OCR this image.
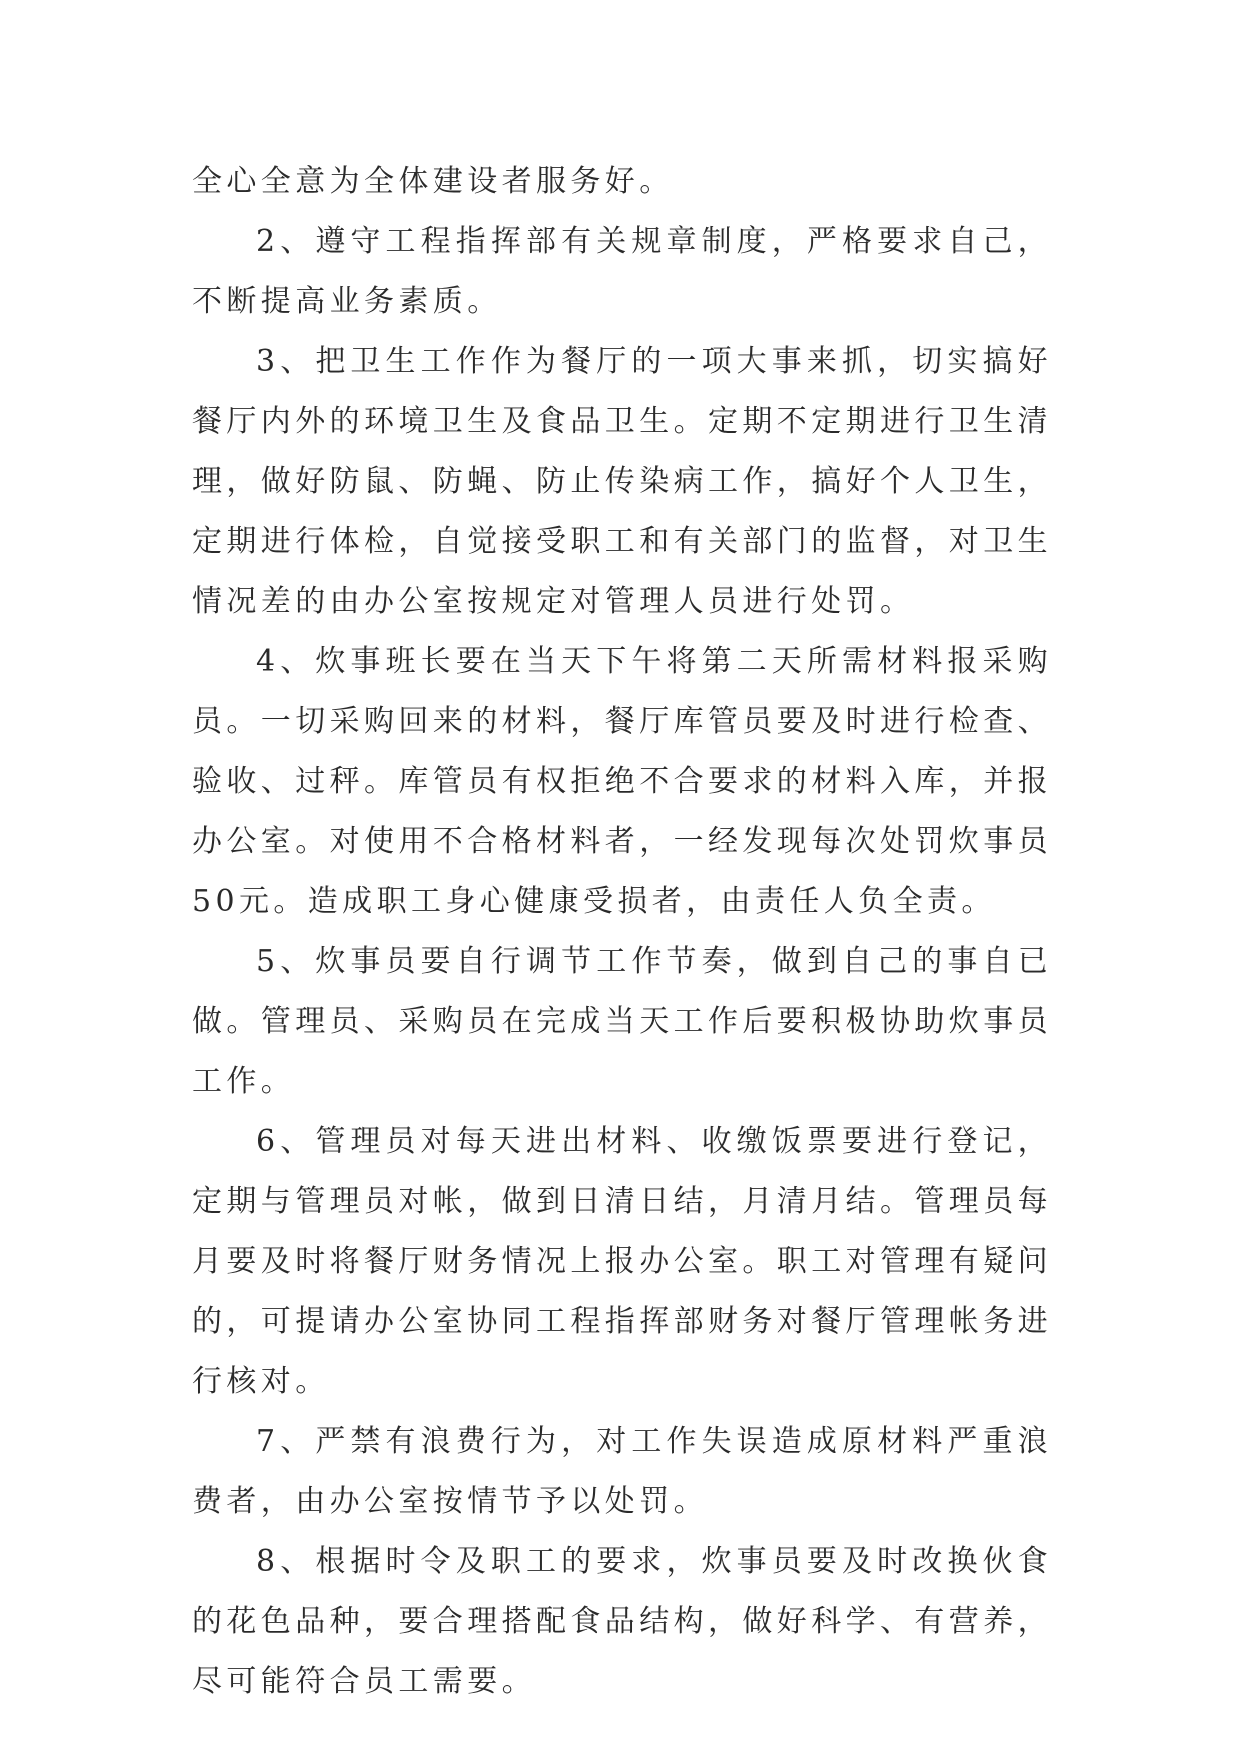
全心全意为全体建设者服务好。

2、遵守工程指挥部有关规章制度，严格要求自己，不断提高业务素质。

3、把卫生工作作为餐厅的一项大事来抓，切实搞好餐厅内外的环境卫生及食品卫生。定期不定期进行卫生清理，做好防鼠、防蝇、防止传染病工作，搞好个人卫生，定期进行体检，自觉接受职工和有关部门的监督，对卫生情况差的由办公室按规定对管理人员进行处罚。

4、炊事班长要在当天下午将第二天所需材料报采购员。一切采购回来的材料，餐厅库管员要及时进行检查、验收、过秤。库管员有权拒绝不合要求的材料入库，并报办公室。对使用不合格材料者，一经发现每次处罚炊事员50元。造成职工身心健康受损者，由责任人负全责。

5、炊事员要自行调节工作节奏，做到自己的事自已做。管理员、采购员在完成当天工作后要积极协助炊事员工作。

6、管理员对每天进出材料、收缴饭票要进行登记，定期与管理员对帐，做到日清日结，月清月结。管理员每月要及时将餐厅财务情况上报办公室。职工对管理有疑问的，可提请办公室协同工程指挥部财务对餐厅管理帐务进行核对。

7、严禁有浪费行为，对工作失误造成原材料严重浪费者，由办公室按情节予以处罚。

8、根据时令及职工的要求，炊事员要及时改换伙食的花色品种，要合理搭配食品结构，做好科学、有营养，尽可能符合员工需要。
